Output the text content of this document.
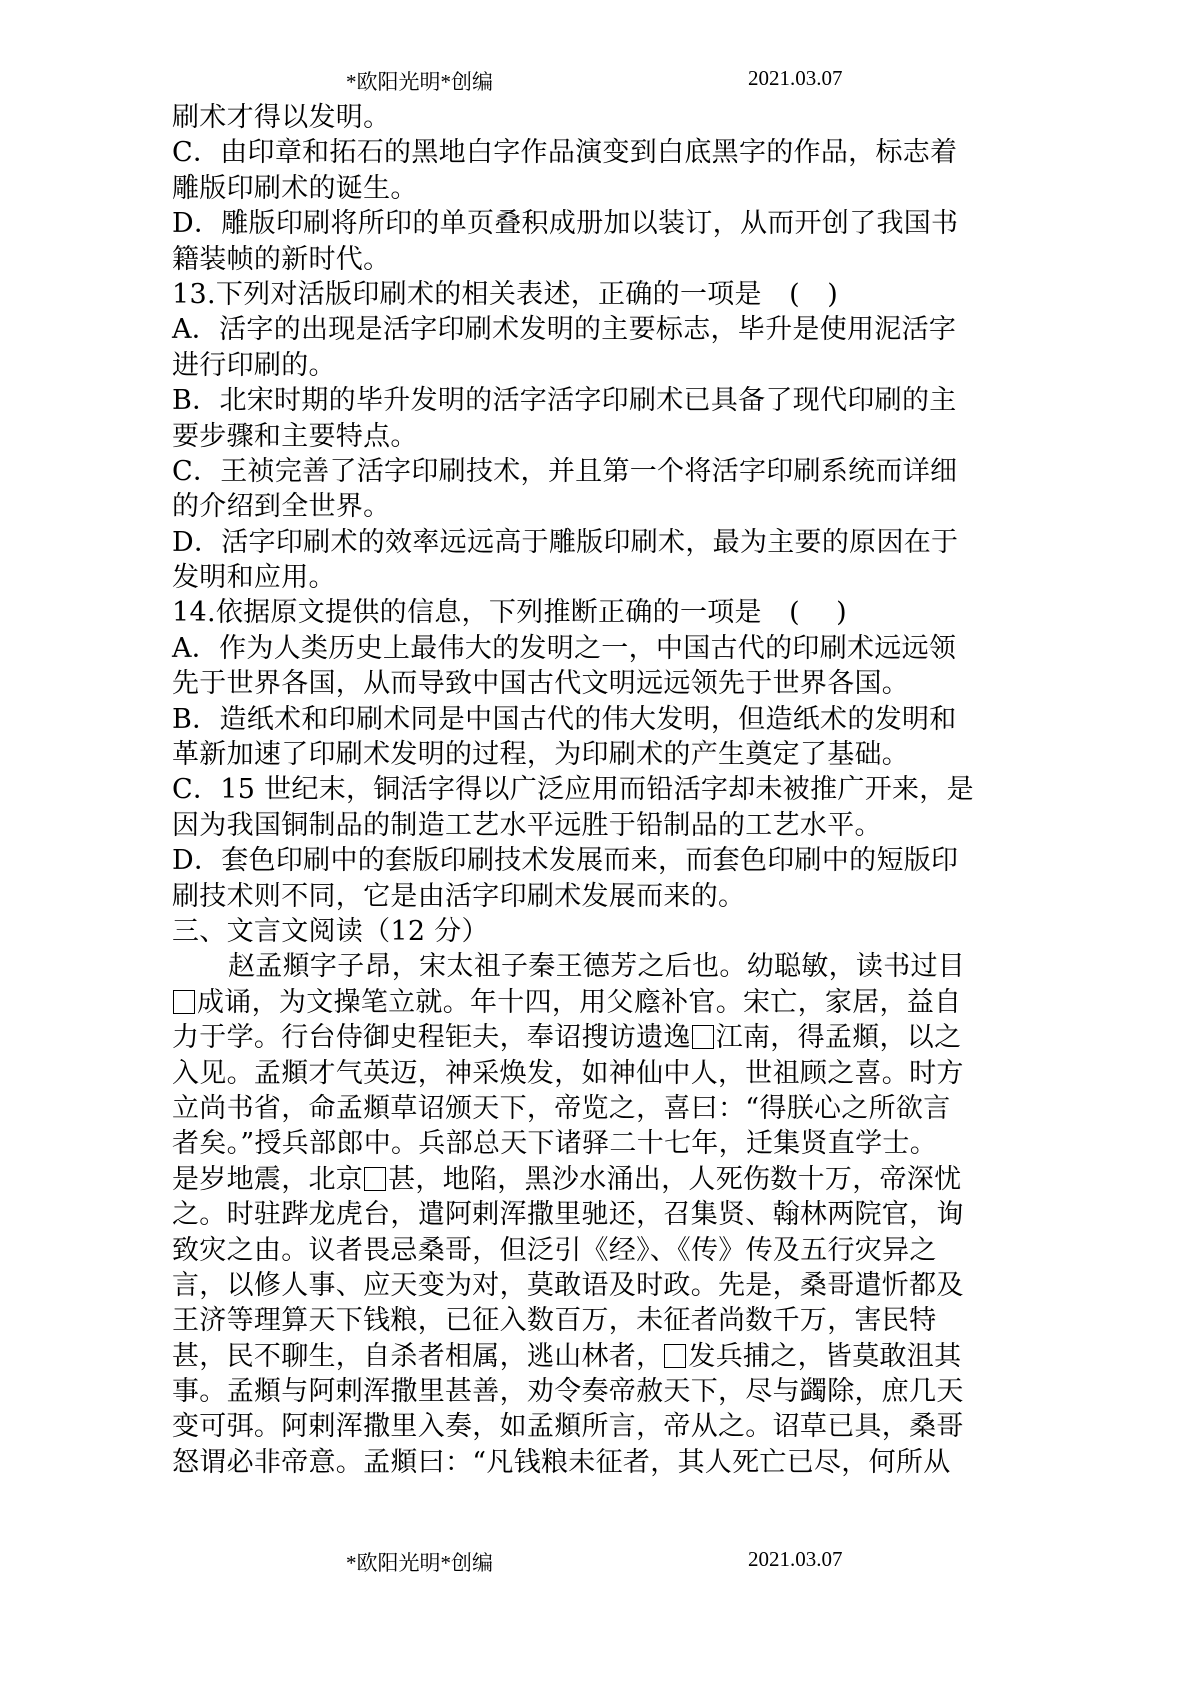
*欧阳光明*创编	2021.03.07
刷术才得以发明。
C．由印章和拓石的黑地白字作品演变到白底黑字的作品，标志着
雕版印刷术的诞生。
D．雕版印刷将所印的单页叠积成册加以装订，从而开创了我国书
籍装帧的新时代。
13.下列对活版印刷术的相关表述，正确的一项是　(　)
A．活字的出现是活字印刷术发明的主要标志，毕升是使用泥活字
进行印刷的。
B．北宋时期的毕升发明的活字活字印刷术已具备了现代印刷的主
要步骤和主要特点。
C．王祯完善了活字印刷技术，并且第一个将活字印刷系统而详细
的介绍到全世界。
D．活字印刷术的效率远远高于雕版印刷术，最为主要的原因在于
发明和应用。
14.依据原文提供的信息，下列推断正确的一项是　(　 )
A．作为人类历史上最伟大的发明之一，中国古代的印刷术远远领
先于世界各国，从而导致中国古代文明远远领先于世界各国。
B．造纸术和印刷术同是中国古代的伟大发明，但造纸术的发明和
革新加速了印刷术发明的过程，为印刷术的产生奠定了基础。
C．15 世纪末，铜活字得以广泛应用而铅活字却未被推广开来，是
因为我国铜制品的制造工艺水平远胜于铅制品的工艺水平。
D．套色印刷中的套版印刷技术发展而来，而套色印刷中的短版印
刷技术则不同，它是由活字印刷术发展而来的。
三、文言文阅读（12 分）
赵孟頫字子昂，宋太祖子秦王德芳之后也。幼聪敏，读书过目
成诵，为文操笔立就。年十四，用父廕补官。宋亡，家居，益自
力于学。行台侍御史程钜夫，奉诏搜访遗逸 江南，得孟頫，以之
入见。孟頫才气英迈，神采焕发，如神仙中人，世祖顾之喜。时方
立尚书省，命孟頫草诏颁天下，帝览之，喜曰：“得朕心之所欲言
者矣。”授兵部郎中。兵部总天下诸驿二十七年，迁集贤直学士。
是岁地震，北京 甚，地陷，黑沙水涌出，人死伤数十万，帝深忧
之。时驻跸龙虎台，遣阿剌浑撒里驰还，召集贤、翰林两院官，询
致灾之由。议者畏忌桑哥，但泛引《经》、《传》传及五行灾异之
言，以修人事、应天变为对，莫敢语及时政。先是，桑哥遣忻都及
王济等理算天下钱粮，已征入数百万，未征者尚数千万，害民特
甚，民不聊生，自杀者相属，逃山林者， 发兵捕之，皆莫敢沮其
事。孟頫与阿剌浑撒里甚善，劝令奏帝赦天下，尽与蠲除，庶几天
变可弭。阿剌浑撒里入奏，如孟頫所言，帝从之。诏草已具，桑哥
怒谓必非帝意。孟頫曰：“凡钱粮未征者，其人死亡已尽，何所从
*欧阳光明*创编	2021.03.07
